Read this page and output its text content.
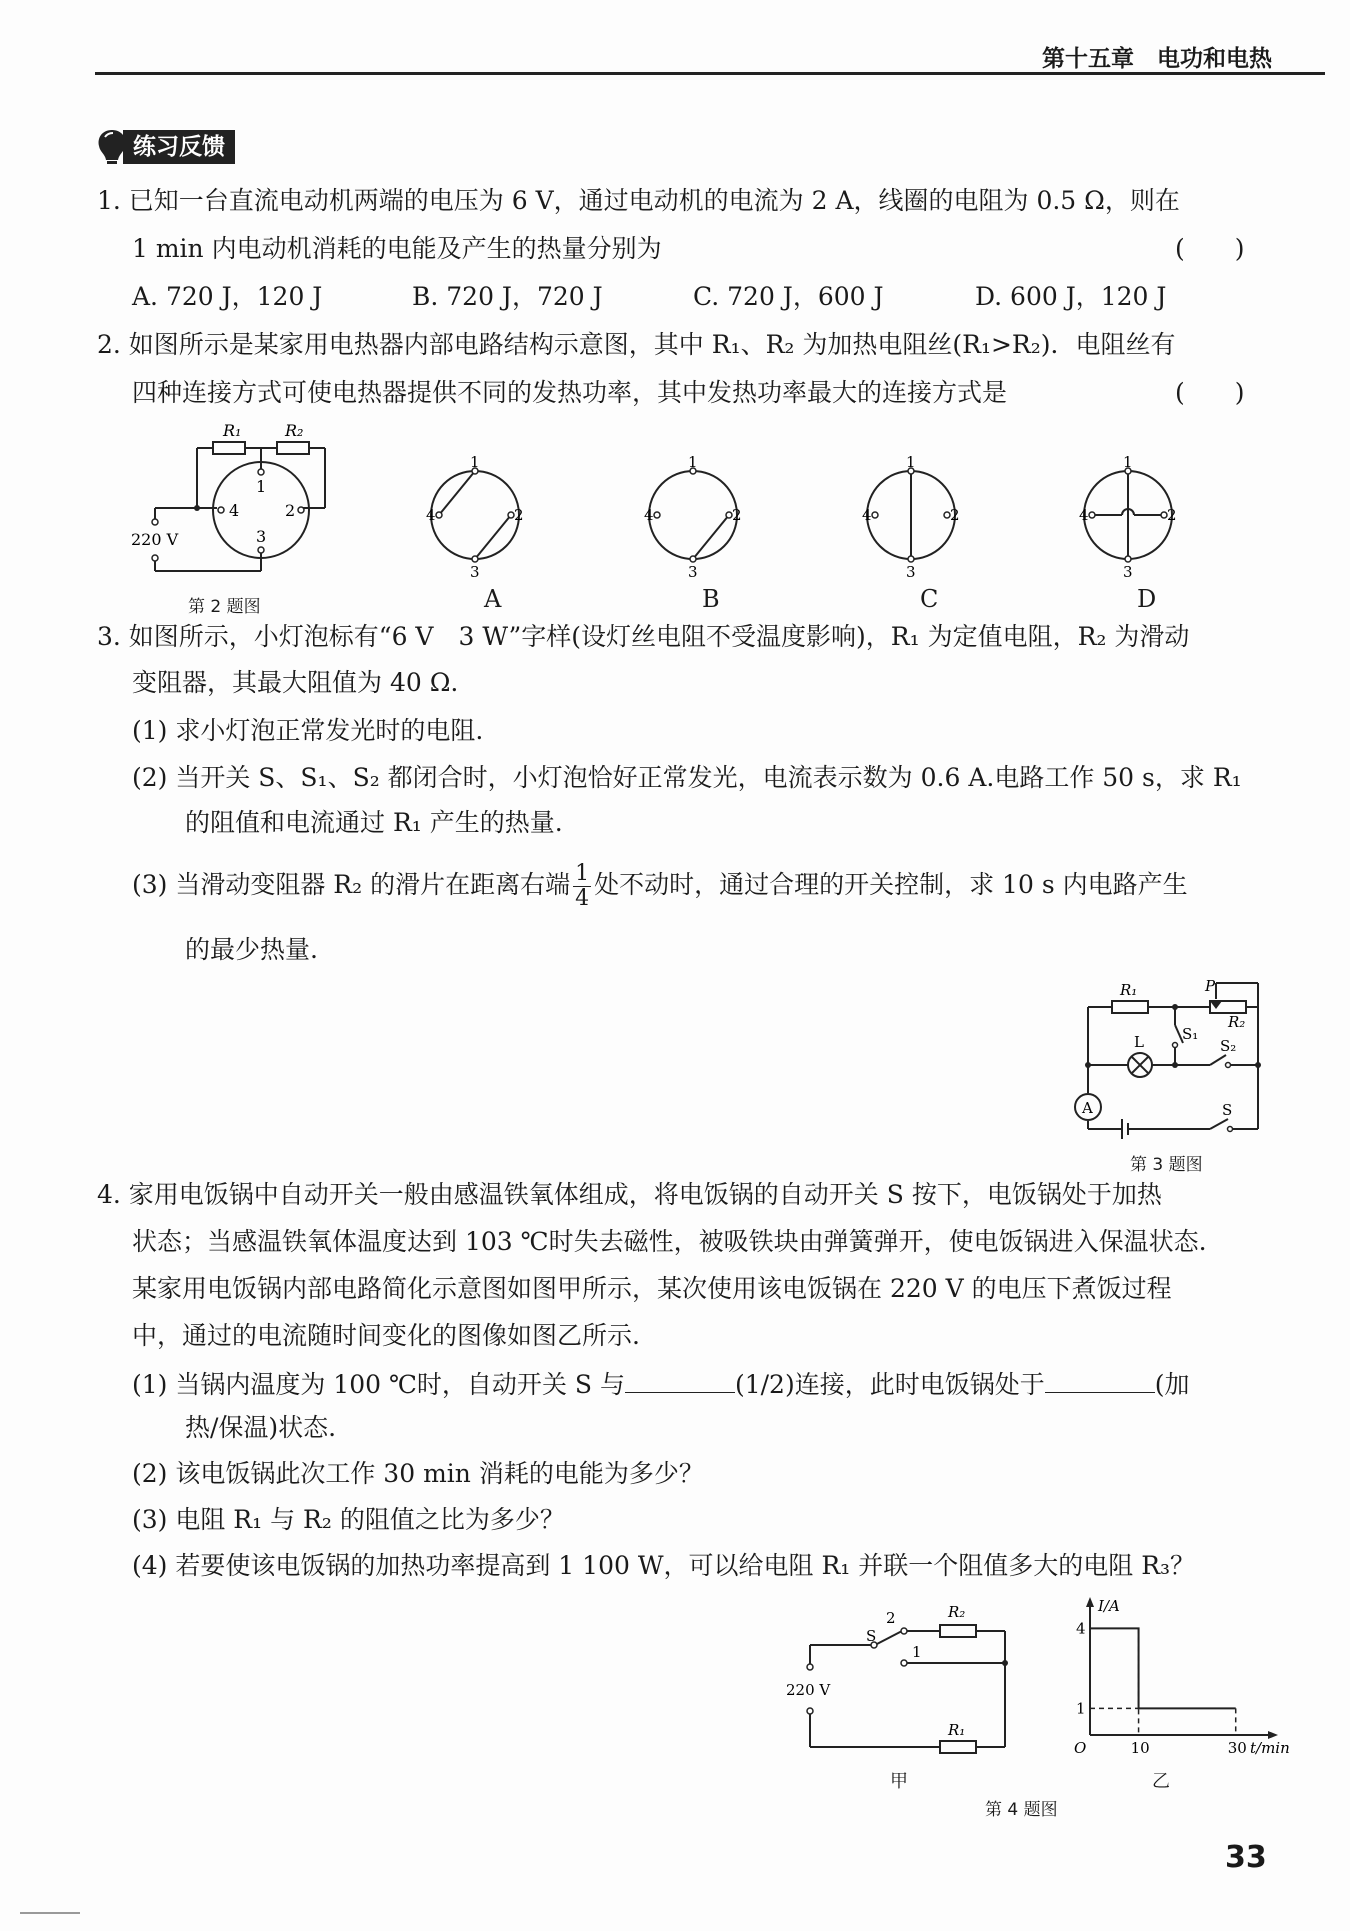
第十五章　电功和电热
练习反馈
1. 已知一台直流电动机两端的电压为 6 V，通过电动机的电流为 2 A，线圈的电阻为 0.5 Ω，则在
1 min 内电动机消耗的电能及产生的热量分别为	(　　)
A. 720 J，120 J	B. 720 J，720 J	C. 720 J，600 J	D. 600 J，120 J
2. 如图所示是某家用电热器内部电路结构示意图，其中 R₁、R₂ 为加热电阻丝(R₁>R₂)．电阻丝有
四种连接方式可使电热器提供不同的发热功率，其中发热功率最大的连接方式是	(　　)
R₁	R₂
1
2
3
4
220 V
第 2 题图
1
2
3
4
A
1
2
3
4
B
1
2
3
4
C
1
2
3
4
D
3. 如图所示，小灯泡标有“6 V　3 W”字样(设灯丝电阻不受温度影响)，R₁ 为定值电阻，R₂ 为滑动
变阻器，其最大阻值为 40 Ω.
(1) 求小灯泡正常发光时的电阻.
(2) 当开关 S、S₁、S₂ 都闭合时，小灯泡恰好正常发光，电流表示数为 0.6 A.电路工作 50 s，求 R₁
的阻值和电流通过 R₁ 产生的热量.
(3) 当滑动变阻器 R₂ 的滑片在距离右端 $\frac{1}{4}$ 处不动时，通过合理的开关控制，求 10 s 内电路产生
的最少热量.
R₁	P
R₂
S₁
S₂
L
S
A
第 3 题图
4. 家用电饭锅中自动开关一般由感温铁氧体组成，将电饭锅的自动开关 S 按下，电饭锅处于加热
状态；当感温铁氧体温度达到 103 ℃时失去磁性，被吸铁块由弹簧弹开，使电饭锅进入保温状态.
某家用电饭锅内部电路简化示意图如图甲所示，某次使用该电饭锅在 220 V 的电压下煮饭过程
中，通过的电流随时间变化的图像如图乙所示.
(1) 当锅内温度为 100 ℃时，自动开关 S 与	(1/2)连接，此时电饭锅处于	(加
热/保温)状态.
(2) 该电饭锅此次工作 30 min 消耗的电能为多少？
(3) 电阻 R₁ 与 R₂ 的阻值之比为多少？
(4) 若要使该电饭锅的加热功率提高到 1 100 W，可以给电阻 R₁ 并联一个阻值多大的电阻 R₃？
2
1
S
R₂
R₁
220 V
甲
I/A
t/min
O	10	30
1
4
乙
第 4 题图
33
